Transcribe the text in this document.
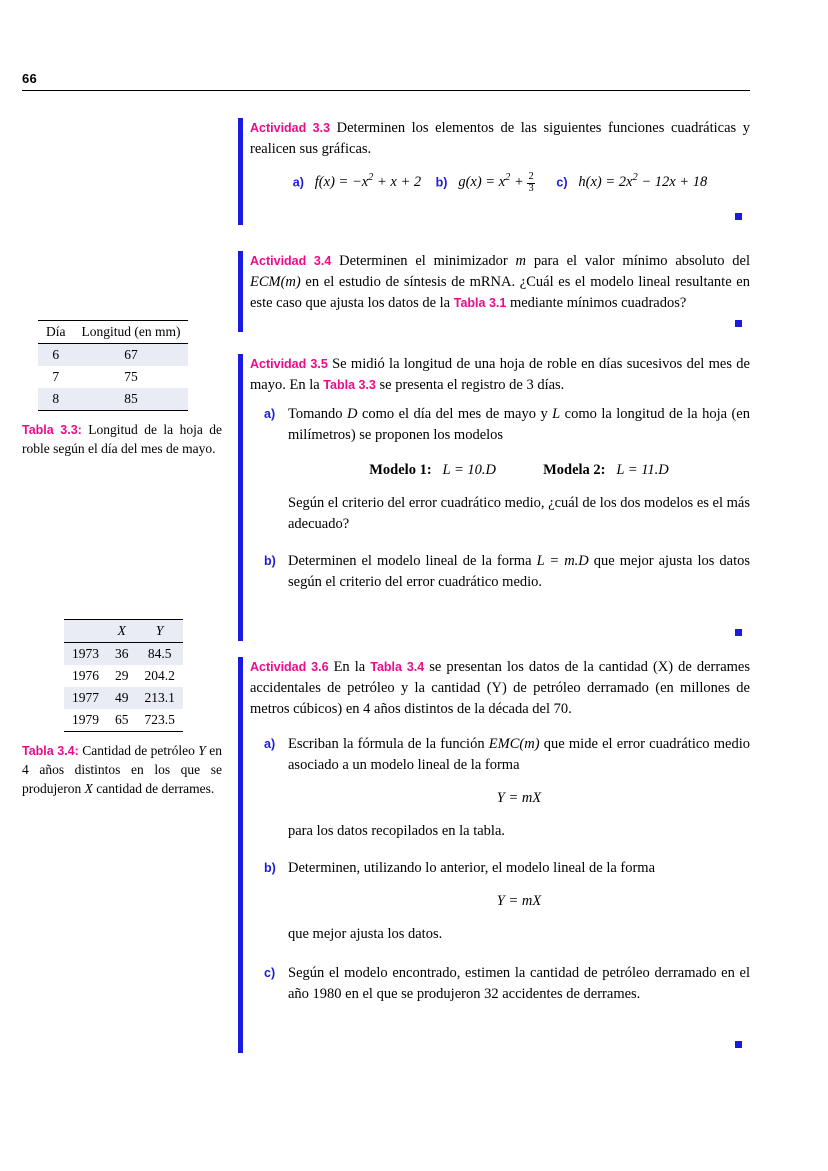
66
Día	Longitud (en mm)
6	67
7	75
8	85
Tabla 3.3: Longitud de la hoja de roble según el día del mes de mayo.
	X	Y
1973	36	84.5
1976	29	204.2
1977	49	213.1
1979	65	723.5
Tabla 3.4: Cantidad de petróleo Y en 4 años distintos en los que se produjeron X cantidad de derrames.
Actividad 3.3 Determinen los elementos de las siguientes funciones cuadráticas y realicen sus gráficas.
a)   $f(x) = -x^2 + x + 2$ b)   $g(x) = x^2 + \frac{2}{3} c$)   $h(x) = 2x^2 - 12x + 18$
Actividad 3.4 Determinen el minimizador m para el valor mínimo absoluto del ECM(m) en el estudio de síntesis de mRNA. ¿Cuál es el modelo lineal resultante en este caso que ajusta los datos de la Tabla 3.1 mediante mínimos cuadrados?
Actividad 3.5 Se midió la longitud de una hoja de roble en días sucesivos del mes de mayo. En la Tabla 3.3 se presenta el registro de 3 días.
a) Tomando D como el día del mes de mayo y L como la longitud de la hoja (en milímetros) se proponen los modelos
Modelo 1: L = 10.D	Modela 2: L = 11.D
Según el criterio del error cuadrático medio, ¿cuál de los dos modelos es el más adecuado?
b) Determinen el modelo lineal de la forma L = m.D que mejor ajusta los datos según el criterio del error cuadrático medio.
Actividad 3.6 En la Tabla 3.4 se presentan los datos de la cantidad (X) de derrames accidentales de petróleo y la cantidad (Y) de petróleo derramado (en millones de metros cúbicos) en 4 años distintos de la década del 70.
a) Escriban la fórmula de la función EMC(m) que mide el error cuadrático medio asociado a un modelo lineal de la forma
Y = mX
para los datos recopilados en la tabla.
b) Determinen, utilizando lo anterior, el modelo lineal de la forma
Y = mX
que mejor ajusta los datos.
c) Según el modelo encontrado, estimen la cantidad de petróleo derramado en el año 1980 en el que se produjeron 32 accidentes de derrames.
